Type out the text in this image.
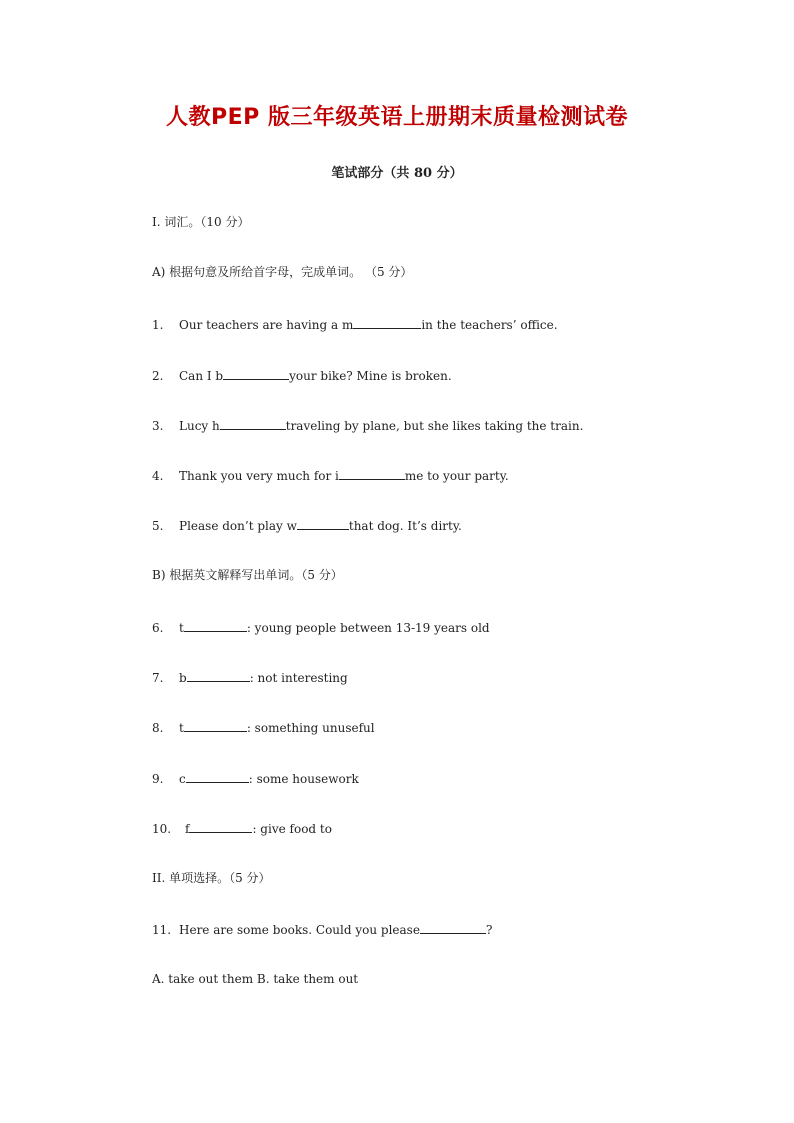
人教PEP 版三年级英语上册期末质量检测试卷
笔试部分（共 80 分）
I. 词汇。（10 分）
A) 根据句意及所给首字母，完成单词。 （5 分）
1. Our teachers are having a m	in the teachers’ office.
2. Can I b	your bike? Mine is broken.
3. Lucy h	traveling by plane, but she likes taking the train.
4. Thank you very much for i	me to your party.
5. Please don’t play w	that dog. It’s dirty.
B) 根据英文解释写出单词。（5 分）
6. t	: young people between 13-19 years old
7. b	: not interesting
8. t	: something unuseful
9. c	: some housework
10. f	: give food to
II. 单项选择。（5 分）
11. Here are some books. Could you please	?
A. take out them B. take them out
